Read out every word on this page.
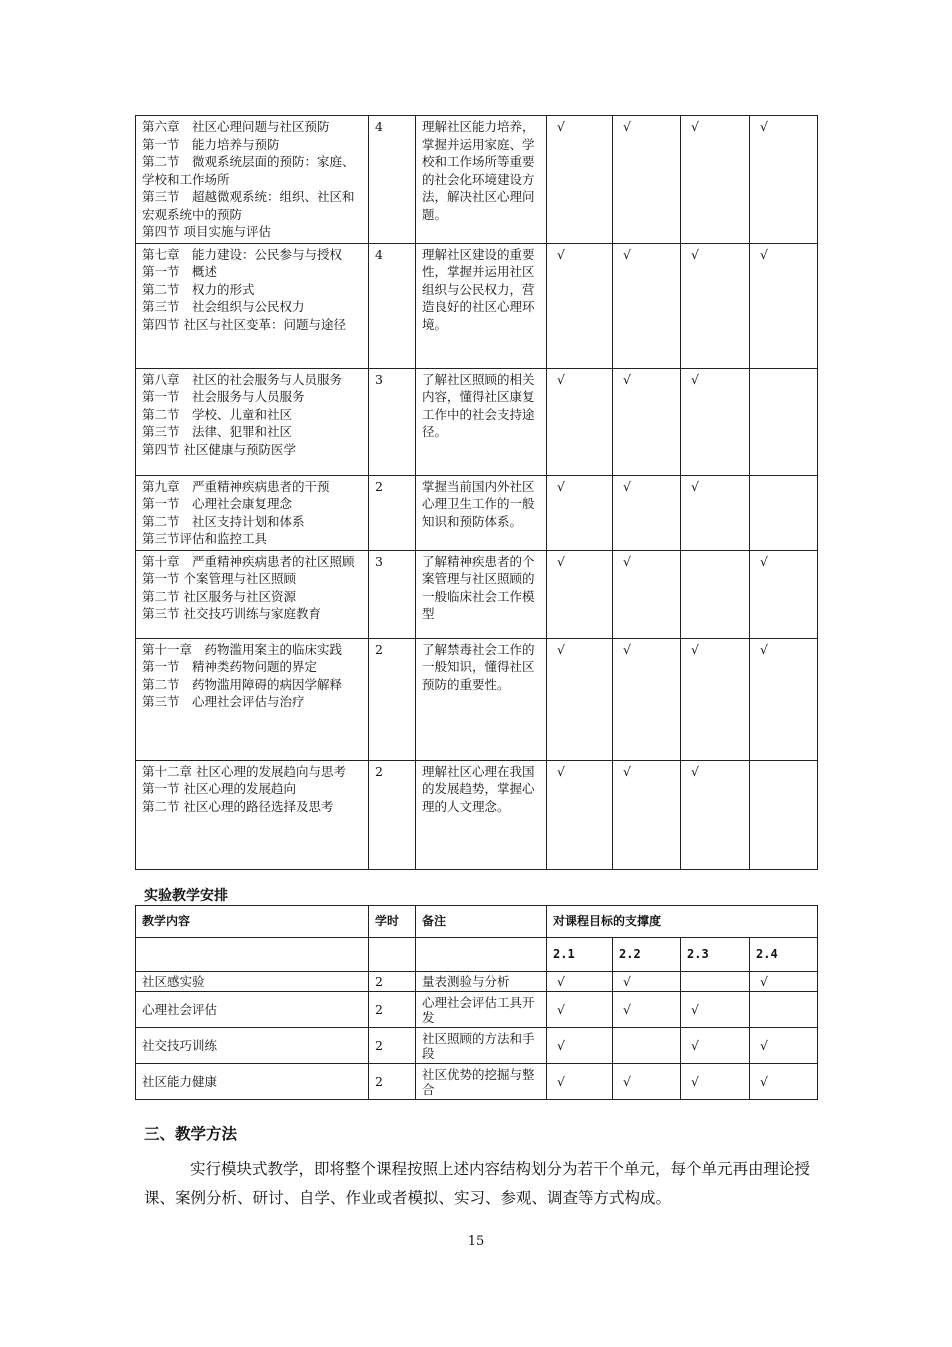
第六章　社区心理问题与社区预防
第一节　能力培养与预防
第二节　微观系统层面的预防：家庭、学校和工作场所
第三节　超越微观系统：组织、社区和宏观系统中的预防
第四节 项目实施与评估	4	理解社区能力培养，掌握并运用家庭、学校和工作场所等重要的社会化环境建设方法，解决社区心理问题。	√	√	√	√
第七章　能力建设：公民参与与授权
第一节　概述
第二节　权力的形式
第三节　社会组织与公民权力
第四节 社区与社区变革：问题与途径	4	理解社区建设的重要性，掌握并运用社区组织与公民权力，营造良好的社区心理环境。	√	√	√	√
第八章　社区的社会服务与人员服务
第一节　社会服务与人员服务
第二节　学校、儿童和社区
第三节　法律、犯罪和社区
第四节 社区健康与预防医学	3	了解社区照顾的相关内容，懂得社区康复工作中的社会支持途径。	√	√	√	
第九章　严重精神疾病患者的干预
第一节　心理社会康复理念
第二节　社区支持计划和体系
第三节评估和监控工具	2	掌握当前国内外社区心理卫生工作的一般知识和预防体系。	√	√	√	
第十章　严重精神疾病患者的社区照顾
第一节 个案管理与社区照顾
第二节 社区服务与社区资源
第三节 社交技巧训练与家庭教育	3	了解精神疾患者的个案管理与社区照顾的一般临床社会工作模型	√	√		√
第十一章　药物滥用案主的临床实践
第一节　精神类药物问题的界定
第二节　药物滥用障碍的病因学解释
第三节　心理社会评估与治疗	2	了解禁毒社会工作的一般知识，懂得社区预防的重要性。	√	√	√	√
第十二章 社区心理的发展趋向与思考
第一节 社区心理的发展趋向
第二节 社区心理的路径选择及思考	2	理解社区心理在我国的发展趋势，掌握心理的人文理念。	√	√	√	
实验教学安排
教学内容	学时	备注	对课程目标的支撑度			
			2.1	2.2	2.3	2.4
社区感实验	2	量表测验与分析	√	√		√
心理社会评估	2	心理社会评估工具开发	√	√	√	
社交技巧训练	2	社区照顾的方法和手段	√		√	√
社区能力健康	2	社区优势的挖掘与整合	√	√	√	√
三、教学方法
实行模块式教学，即将整个课程按照上述内容结构划分为若干个单元，每个单元再由理论授课、案例分析、研讨、自学、作业或者模拟、实习、参观、调查等方式构成。
15
